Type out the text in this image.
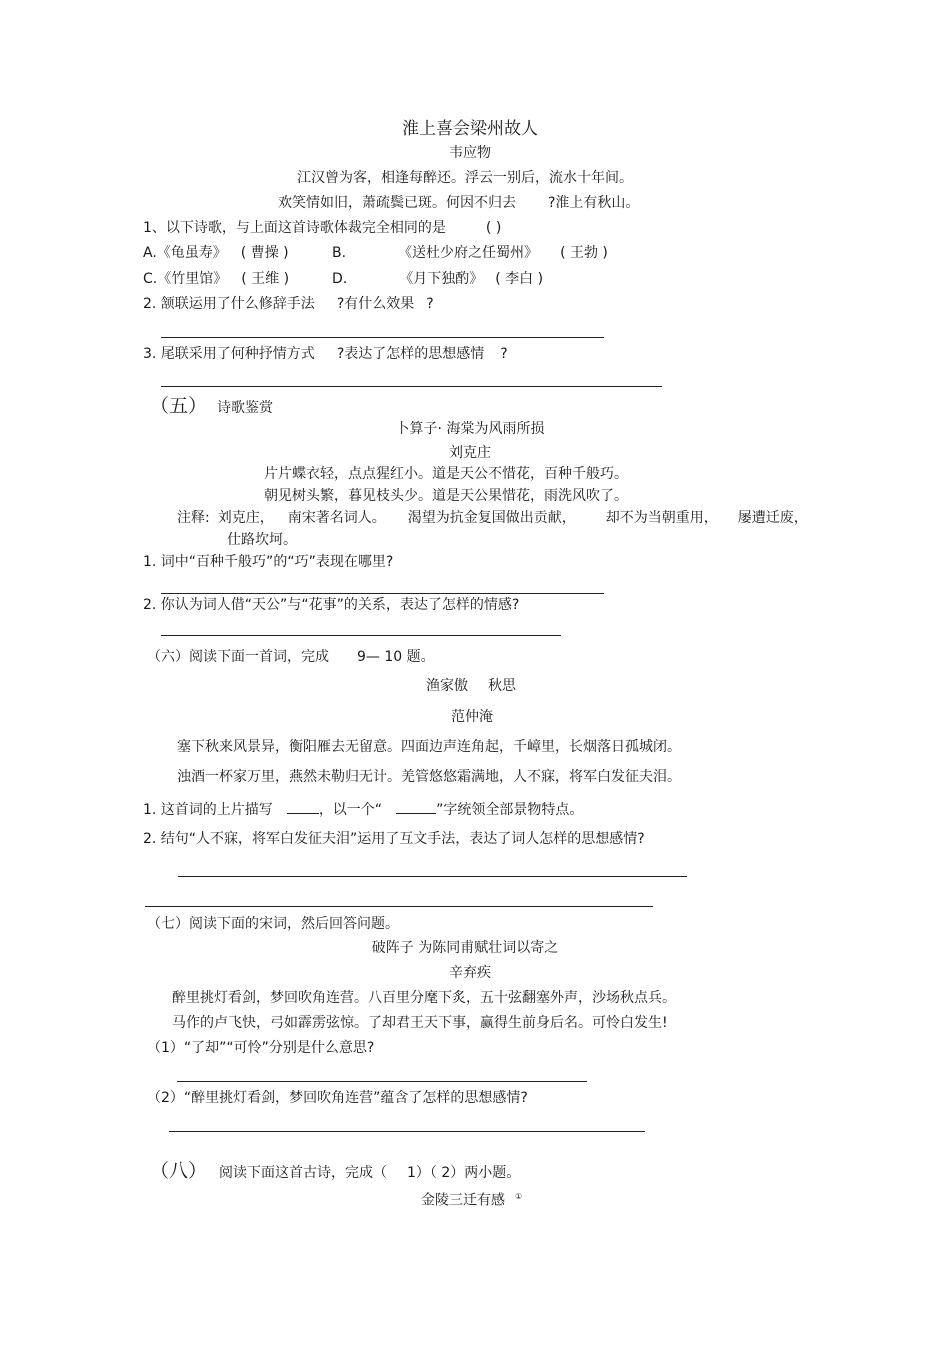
淮上喜会梁州故人
韦应物
江汉曾为客，相逢每醉还。浮云一别后，流水十年间。
欢笑情如旧，萧疏鬓已斑。何因不归去 ?淮上有秋山。
1、以下诗歌，与上面这首诗歌体裁完全相同的是	( )
A.《龟虽寿》 ( 曹操 )	B.	《送杜少府之任蜀州》 ( 王勃 )
C.《竹里馆》 ( 王维 )	D.	《月下独酌》 ( 李白 )
2. 颔联运用了什么修辞手法 ?有什么效果 ?
3. 尾联采用了何种抒情方式 ?表达了怎样的思想感情 ?
（五） 诗歌鉴赏
卜算子· 海棠为风雨所损
刘克庄
片片蝶衣轻，点点猩红小。道是天公不惜花，百种千般巧。
朝见树头繁，暮见枝头少。道是天公果惜花，雨洗风吹了。
注释: 刘克庄， 南宋著名词人。 渴望为抗金复国做出贡献， 却不为当朝重用， 屡遭迁废，
仕路坎坷。
1. 词中“百种千般巧”的“巧”表现在哪里?
2. 你认为词人借“天公”与“花事”的关系，表达了怎样的情感?
（六）阅读下面一首词，完成 9— 10 题。
渔家傲 秋思
范仲淹
塞下秋来风景异，衡阳雁去无留意。四面边声连角起，千嶂里，长烟落日孤城闭。
浊酒一杯家万里，燕然未勒归无计。羌管悠悠霜满地，人不寐，将军白发征夫泪。
1. 这首词的上片描写	，以一个“	”字统领全部景物特点。
2. 结句“人不寐，将军白发征夫泪”运用了互文手法，表达了词人怎样的思想感情?
（七）阅读下面的宋词，然后回答问题。
破阵子 为陈同甫赋壮词以寄之
辛弃疾
醉里挑灯看剑，梦回吹角连营。八百里分麾下炙，五十弦翻塞外声，沙场秋点兵。
马作的卢飞快，弓如霹雳弦惊。了却君王天下事，赢得生前身后名。可怜白发生!
（1）“了却”“可怜”分别是什么意思?
（2）“醉里挑灯看剑，梦回吹角连营”蕴含了怎样的思想感情?
（八） 阅读下面这首古诗，完成（ 1）（ 2）两小题。
金陵三迁有感 ①
